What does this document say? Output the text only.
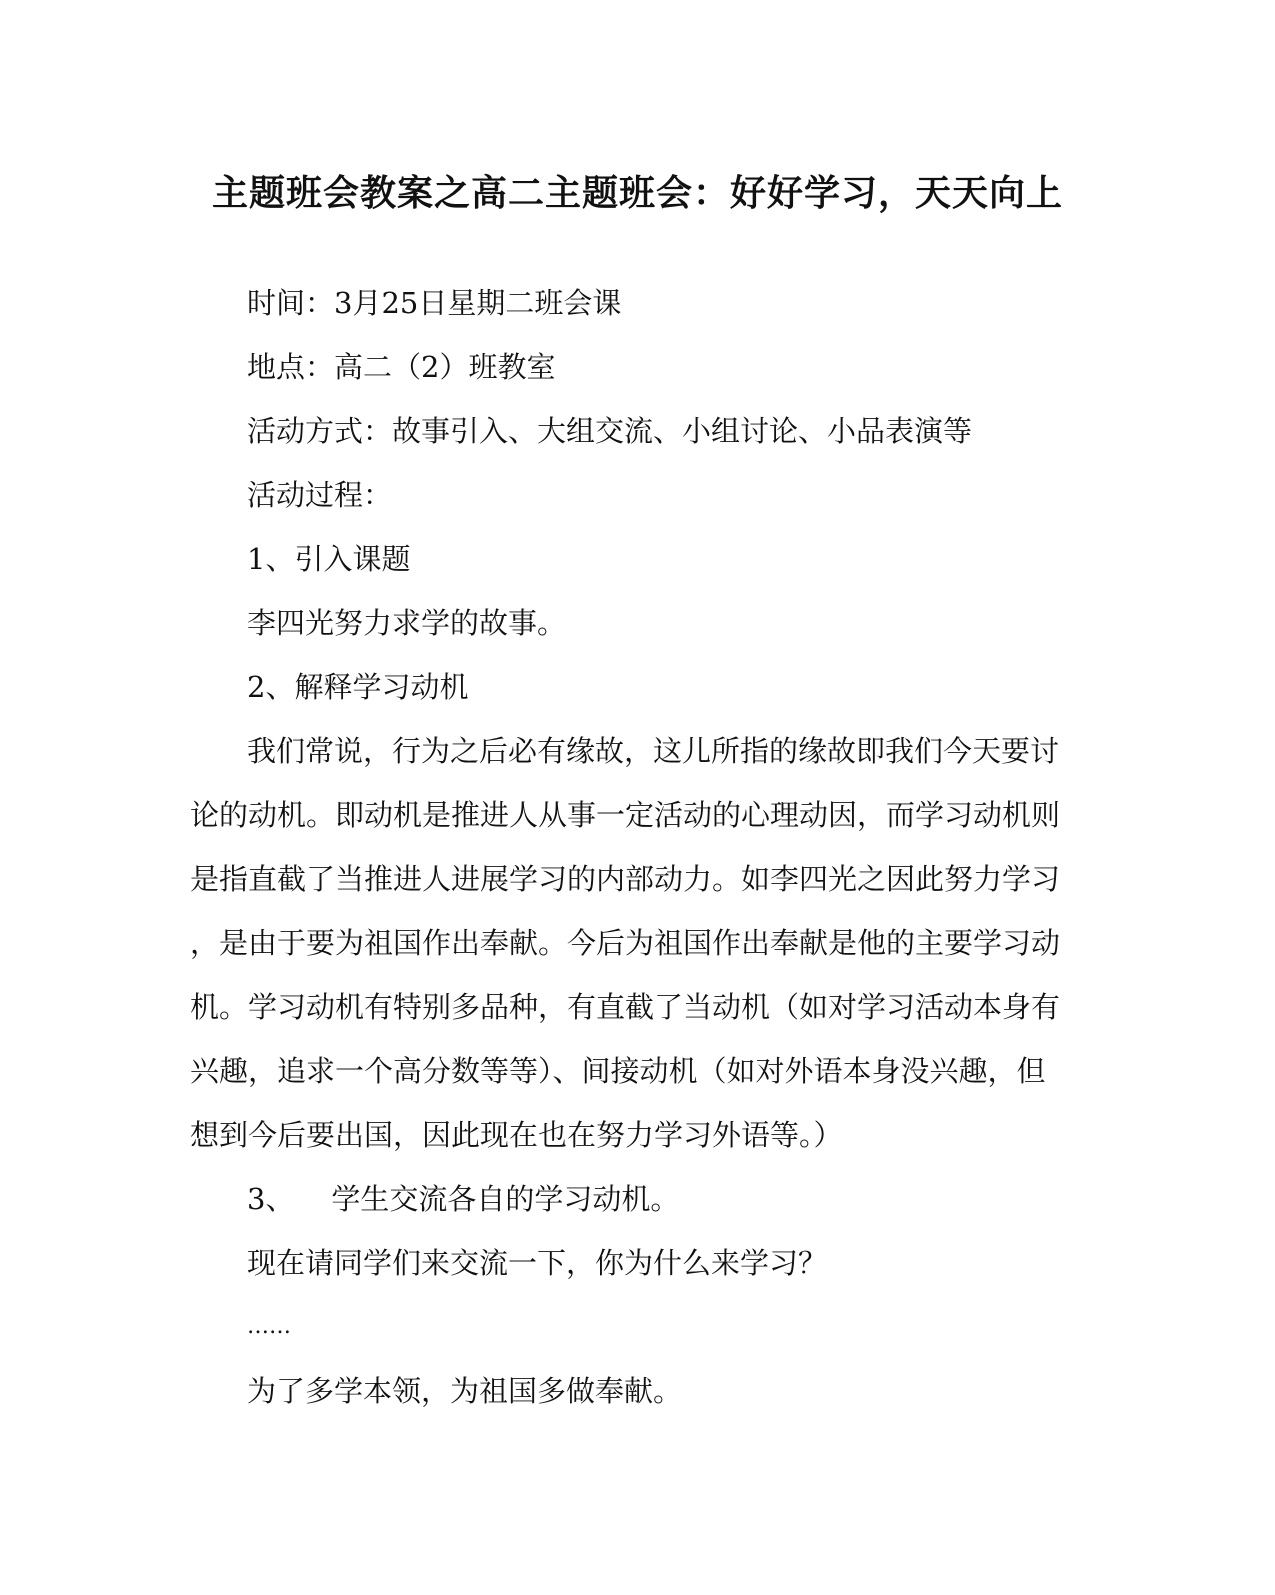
主题班会教案之高二主题班会：好好学习，天天向上
时间：3月25日星期二班会课
地点：高二（2）班教室
活动方式：故事引入、大组交流、小组讨论、小品表演等
活动过程：
1、引入课题
李四光努力求学的故事。
2、解释学习动机
我们常说，行为之后必有缘故，这儿所指的缘故即我们今天要讨
论的动机。即动机是推进人从事一定活动的心理动因，而学习动机则
是指直截了当推进人进展学习的内部动力。如李四光之因此努力学习
，是由于要为祖国作出奉献。今后为祖国作出奉献是他的主要学习动
机。学习动机有特别多品种，有直截了当动机（如对学习活动本身有
兴趣，追求一个高分数等等）、间接动机（如对外语本身没兴趣，但
想到今后要出国，因此现在也在努力学习外语等。）
3、    学生交流各自的学习动机。
现在请同学们来交流一下，你为什么来学习？
……
为了多学本领，为祖国多做奉献。
